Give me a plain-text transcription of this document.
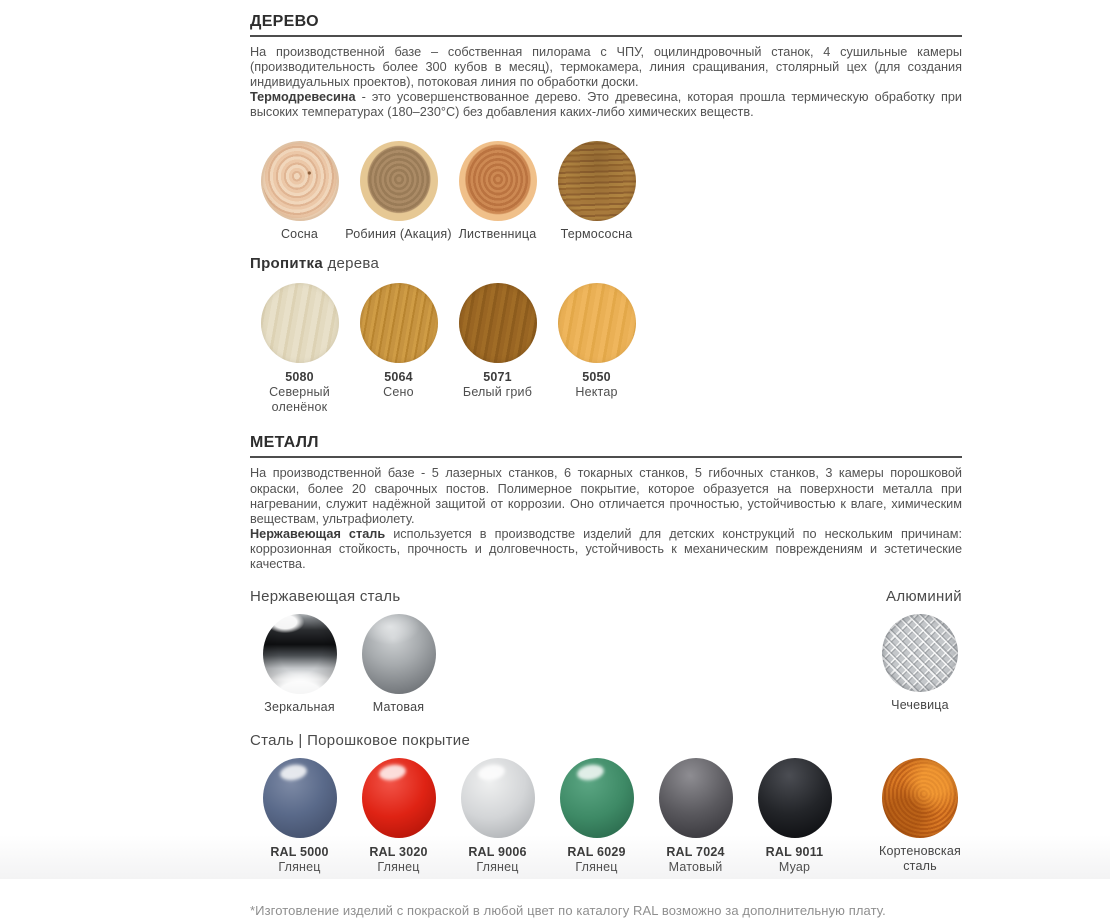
ДЕРЕВО

На производственной базе – собственная пилорама с ЧПУ, оцилиндровочный станок, 4 сушильные камеры (производительность более 300 кубов в месяц), термокамера, линия сращивания, столярный цех (для создания индивидуальных проектов), потоковая линия по обработки доски.

Термодревесина - это усовершенствованное дерево. Это древесина, которая прошла термическую обработку при высоких температурах (180–230°С) без добавления каких-либо химических веществ.

Сосна Робиния (Акация) Лиственница Термососна
Пропитка дерева
5080
Северный оленёнок
5064
Сено
5071
Белый гриб
5050
Нектар
МЕТАЛЛ

На производственной базе - 5 лазерных станков, 6 токарных станков, 5 гибочных станков, 3 камеры порошковой окраски, более 20 сварочных постов. Полимерное покрытие, которое образуется на поверхности металла при нагревании, служит надёжной защитой от коррозии. Оно отличается прочностью, устойчивостью к влаге, химическим веществам, ультрафиолету.

Нержавеющая сталь используется в производстве изделий для детских конструкций по нескольким причинам: коррозионная стойкость, прочность и долговечность, устойчивость к механическим повреждениям и эстетические качества.

Нержавеющая сталь	Алюминий
Зеркальная	Матовая	Чечевица
Сталь | Порошковое покрытие
RAL 5000
Глянец
RAL 3020
Глянец
RAL 9006
Глянец
RAL 6029
Глянец
RAL 7024
Матовый
RAL 9011
Муар
Кортеновская сталь
*Изготовление изделий с покраской в любой цвет по каталогу RAL возможно за дополнительную плату.
